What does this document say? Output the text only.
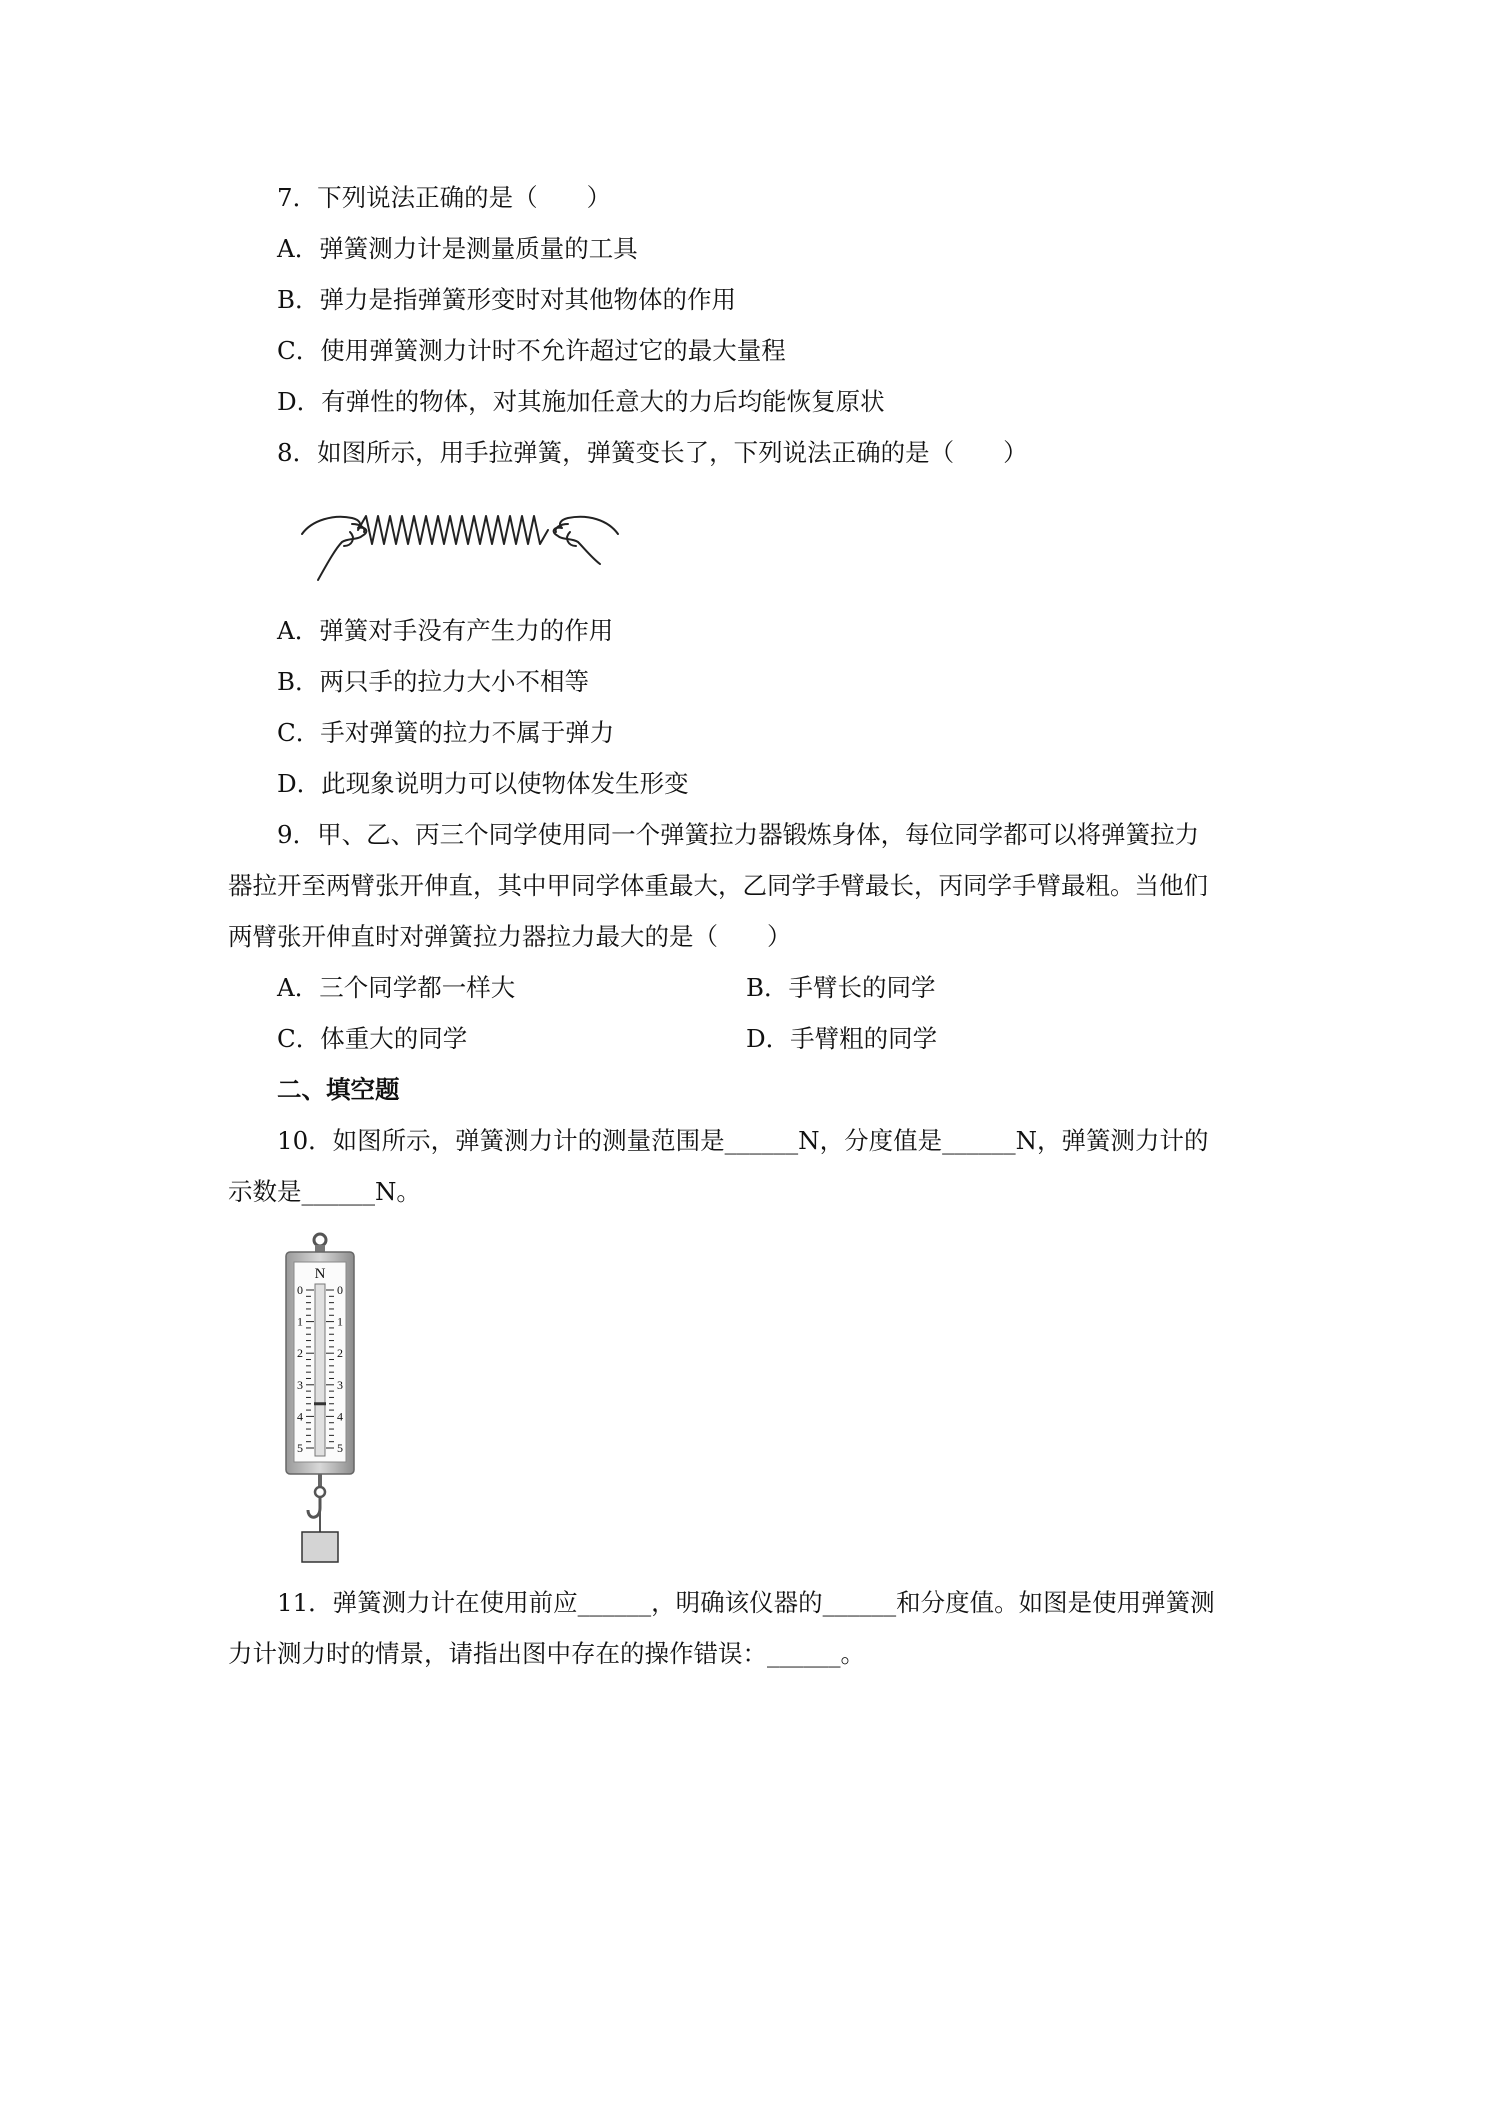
7．下列说法正确的是（　　）
A．弹簧测力计是测量质量的工具
B．弹力是指弹簧形变时对其他物体的作用
C．使用弹簧测力计时不允许超过它的最大量程
D．有弹性的物体，对其施加任意大的力后均能恢复原状
8．如图所示，用手拉弹簧，弹簧变长了，下列说法正确的是（　　）
A．弹簧对手没有产生力的作用
B．两只手的拉力大小不相等
C．手对弹簧的拉力不属于弹力
D．此现象说明力可以使物体发生形变
9．甲、乙、丙三个同学使用同一个弹簧拉力器锻炼身体，每位同学都可以将弹簧拉力
器拉开至两臂张开伸直，其中甲同学体重最大，乙同学手臂最长，丙同学手臂最粗。当他们
两臂张开伸直时对弹簧拉力器拉力最大的是（　　）
A．三个同学都一样大	B．手臂长的同学
C．体重大的同学	D．手臂粗的同学
二、填空题
10．如图所示，弹簧测力计的测量范围是______N，分度值是______N，弹簧测力计的
示数是______N。
N
0	0
1	1
2	2
3	3
4	4
5	5
11．弹簧测力计在使用前应______，明确该仪器的______和分度值。如图是使用弹簧测
力计测力时的情景，请指出图中存在的操作错误：______。
